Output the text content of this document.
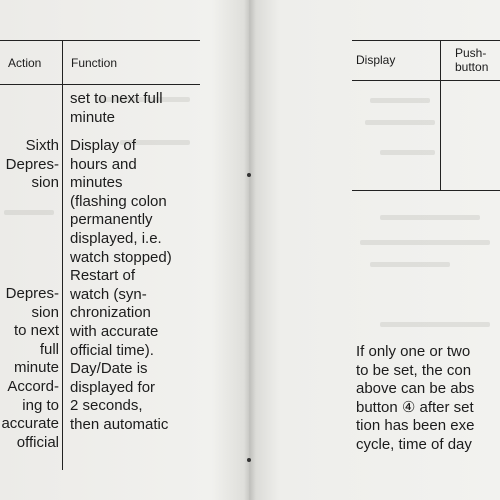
Action Function
Sixth
Depres-
sion
Depres-
sion
to next
full
minute
Accord-
ing to
accurate
official
set to next full
minute
Display of
hours and
minutes
(flashing colon
permanently
displayed, i.e.
watch stopped)
Restart of
watch (syn-
chronization
with accurate
official time).
Day/Date is
displayed for
2 seconds,
then automatic
Display	Push-
button
If only one or two
to be set, the con
above can be abs
button ④ after set
tion has been exe
cycle, time of day
